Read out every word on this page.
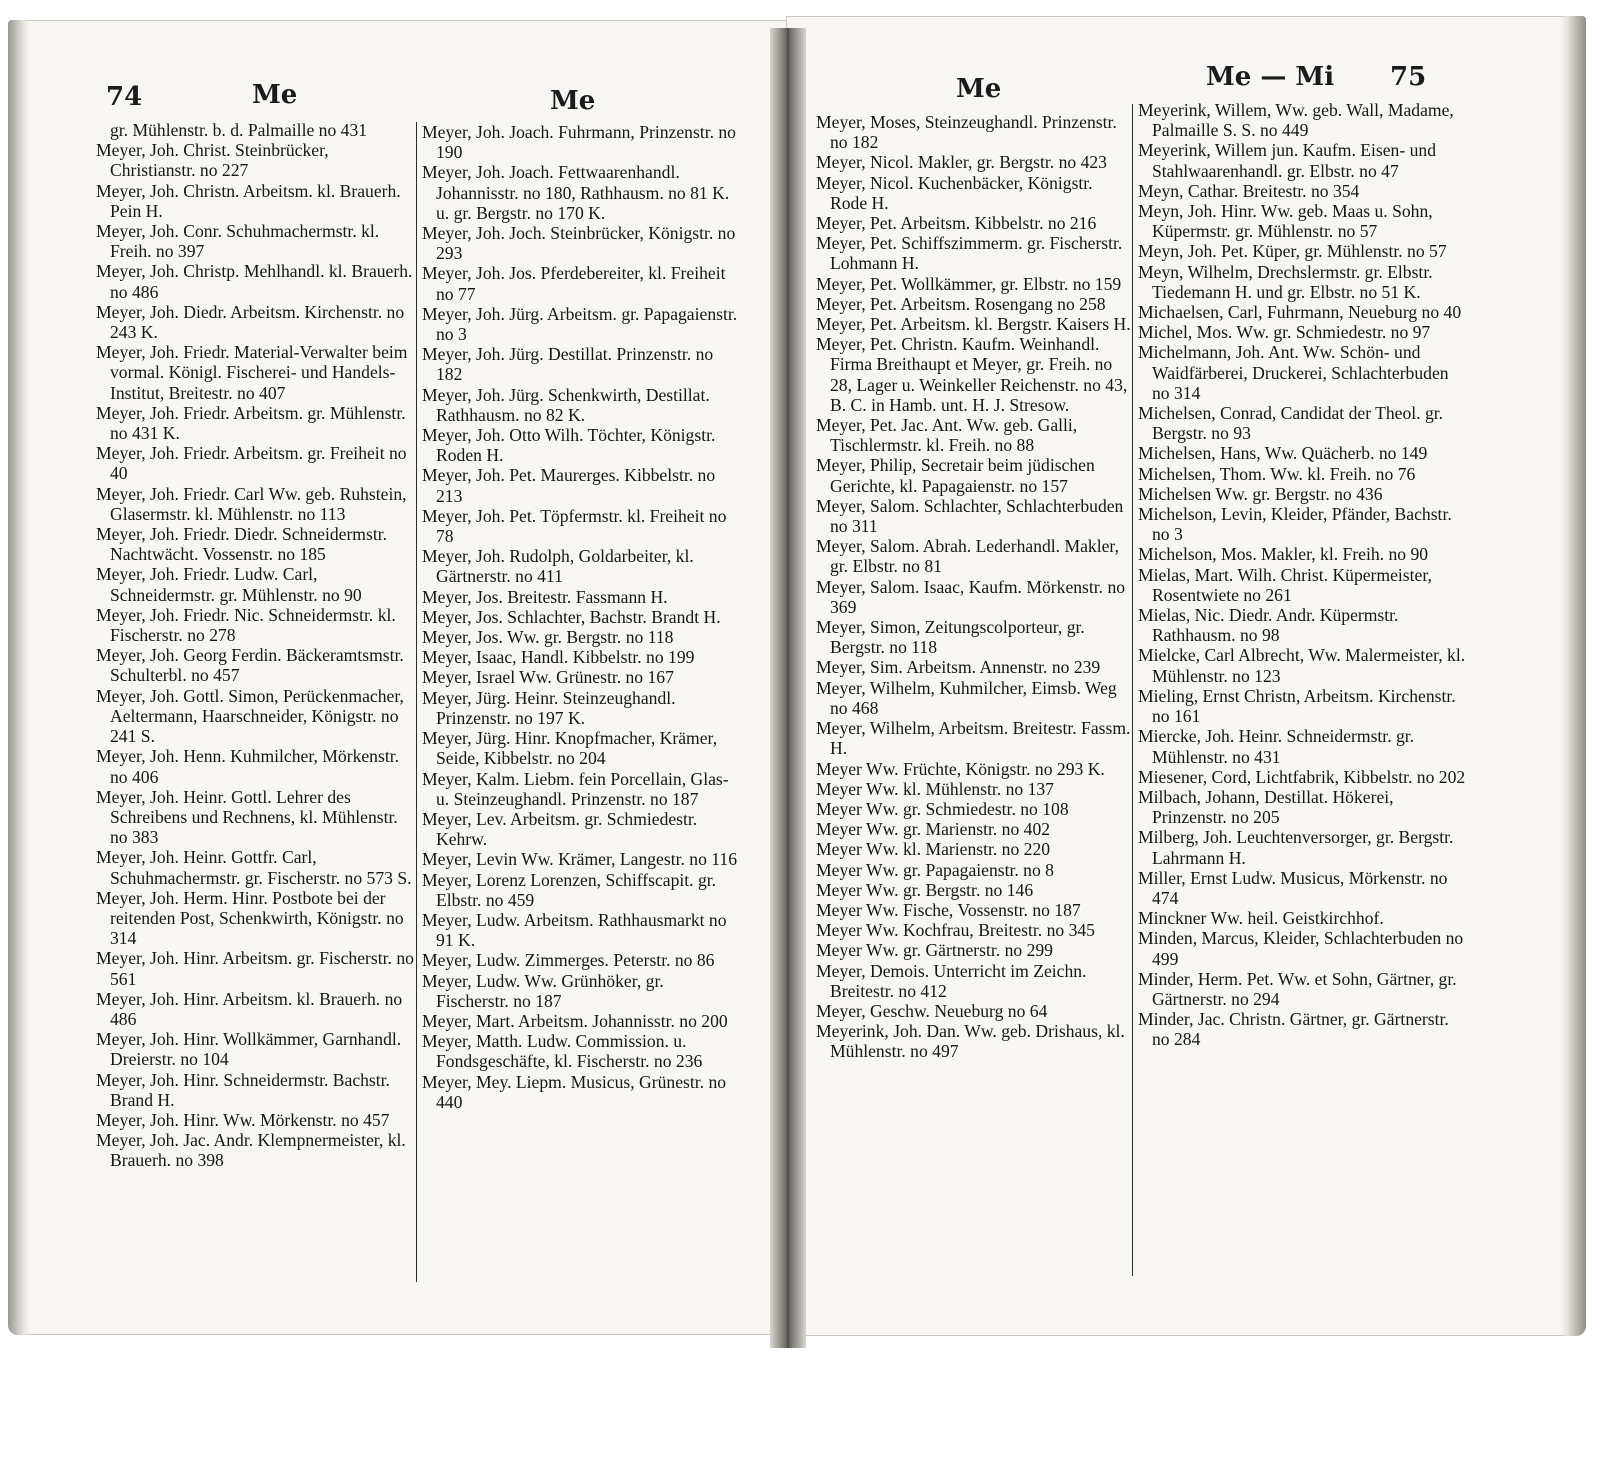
74	Me	Me

gr. Mühlenstr. b. d. Palmaille no 431

Meyer, Joh. Christ. Steinbrücker, Christianstr. no 227

Meyer, Joh. Christn. Arbeitsm. kl. Brauerh. Pein H.

Meyer, Joh. Conr. Schuhmachermstr. kl. Freih. no 397

Meyer, Joh. Christp. Mehlhandl. kl. Brauerh. no 486

Meyer, Joh. Diedr. Arbeitsm. Kirchenstr. no 243 K.

Meyer, Joh. Friedr. Material-Verwalter beim vormal. Königl. Fischerei- und Handels-Institut, Breitestr. no 407

Meyer, Joh. Friedr. Arbeitsm. gr. Mühlenstr. no 431 K.

Meyer, Joh. Friedr. Arbeitsm. gr. Freiheit no 40

Meyer, Joh. Friedr. Carl Ww. geb. Ruhstein, Glasermstr. kl. Mühlenstr. no 113

Meyer, Joh. Friedr. Diedr. Schneidermstr. Nachtwächt. Vossenstr. no 185

Meyer, Joh. Friedr. Ludw. Carl, Schneidermstr. gr. Mühlenstr. no 90

Meyer, Joh. Friedr. Nic. Schneidermstr. kl. Fischerstr. no 278

Meyer, Joh. Georg Ferdin. Bäckeramtsmstr. Schulterbl. no 457

Meyer, Joh. Gottl. Simon, Perückenmacher, Aeltermann, Haarschneider, Königstr. no 241 S.

Meyer, Joh. Henn. Kuhmilcher, Mörkenstr. no 406

Meyer, Joh. Heinr. Gottl. Lehrer des Schreibens und Rechnens, kl. Mühlenstr. no 383

Meyer, Joh. Heinr. Gottfr. Carl, Schuhmachermstr. gr. Fischerstr. no 573 S.

Meyer, Joh. Herm. Hinr. Postbote bei der reitenden Post, Schenkwirth, Königstr. no 314

Meyer, Joh. Hinr. Arbeitsm. gr. Fischerstr. no 561

Meyer, Joh. Hinr. Arbeitsm. kl. Brauerh. no 486

Meyer, Joh. Hinr. Wollkämmer, Garnhandl. Dreierstr. no 104

Meyer, Joh. Hinr. Schneidermstr. Bachstr. Brand H.

Meyer, Joh. Hinr. Ww. Mörkenstr. no 457

Meyer, Joh. Jac. Andr. Klempnermeister, kl. Brauerh. no 398

Meyer, Joh. Joach. Fuhrmann, Prinzenstr. no 190

Meyer, Joh. Joach. Fettwaarenhandl. Johannisstr. no 180, Rathhausm. no 81 K. u. gr. Bergstr. no 170 K.

Meyer, Joh. Joch. Steinbrücker, Königstr. no 293

Meyer, Joh. Jos. Pferdebereiter, kl. Freiheit no 77

Meyer, Joh. Jürg. Arbeitsm. gr. Papagaienstr. no 3

Meyer, Joh. Jürg. Destillat. Prinzenstr. no 182

Meyer, Joh. Jürg. Schenkwirth, Destillat. Rathhausm. no 82 K.

Meyer, Joh. Otto Wilh. Töchter, Königstr. Roden H.

Meyer, Joh. Pet. Maurerges. Kibbelstr. no 213

Meyer, Joh. Pet. Töpfermstr. kl. Freiheit no 78

Meyer, Joh. Rudolph, Goldarbeiter, kl. Gärtnerstr. no 411

Meyer, Jos. Breitestr. Fassmann H.

Meyer, Jos. Schlachter, Bachstr. Brandt H.

Meyer, Jos. Ww. gr. Bergstr. no 118

Meyer, Isaac, Handl. Kibbelstr. no 199

Meyer, Israel Ww. Grünestr. no 167

Meyer, Jürg. Heinr. Steinzeughandl. Prinzenstr. no 197 K.

Meyer, Jürg. Hinr. Knopfmacher, Krämer, Seide, Kibbelstr. no 204

Meyer, Kalm. Liebm. fein Porcellain, Glas- u. Steinzeughandl. Prinzenstr. no 187

Meyer, Lev. Arbeitsm. gr. Schmiedestr. Kehrw.

Meyer, Levin Ww. Krämer, Langestr. no 116

Meyer, Lorenz Lorenzen, Schiffscapit. gr. Elbstr. no 459

Meyer, Ludw. Arbeitsm. Rathhausmarkt no 91 K.

Meyer, Ludw. Zimmerges. Peterstr. no 86

Meyer, Ludw. Ww. Grünhöker, gr. Fischerstr. no 187

Meyer, Mart. Arbeitsm. Johannisstr. no 200

Meyer, Matth. Ludw. Commission. u. Fondsgeschäfte, kl. Fischerstr. no 236

Meyer, Mey. Liepm. Musicus, Grünestr. no 440

Me	Me — Mi 75

Meyer, Moses, Steinzeughandl. Prinzenstr. no 182

Meyer, Nicol. Makler, gr. Bergstr. no 423

Meyer, Nicol. Kuchenbäcker, Königstr. Rode H.

Meyer, Pet. Arbeitsm. Kibbelstr. no 216

Meyer, Pet. Schiffszimmerm. gr. Fischerstr. Lohmann H.

Meyer, Pet. Wollkämmer, gr. Elbstr. no 159

Meyer, Pet. Arbeitsm. Rosengang no 258

Meyer, Pet. Arbeitsm. kl. Bergstr. Kaisers H.

Meyer, Pet. Christn. Kaufm. Weinhandl. Firma Breithaupt et Meyer, gr. Freih. no 28, Lager u. Weinkeller Reichenstr. no 43, B. C. in Hamb. unt. H. J. Stresow.

Meyer, Pet. Jac. Ant. Ww. geb. Galli, Tischlermstr. kl. Freih. no 88

Meyer, Philip, Secretair beim jüdischen Gerichte, kl. Papagaienstr. no 157

Meyer, Salom. Schlachter, Schlachterbuden no 311

Meyer, Salom. Abrah. Lederhandl. Makler, gr. Elbstr. no 81

Meyer, Salom. Isaac, Kaufm. Mörkenstr. no 369

Meyer, Simon, Zeitungscolporteur, gr. Bergstr. no 118

Meyer, Sim. Arbeitsm. Annenstr. no 239

Meyer, Wilhelm, Kuhmilcher, Eimsb. Weg no 468

Meyer, Wilhelm, Arbeitsm. Breitestr. Fassm. H.

Meyer Ww. Früchte, Königstr. no 293 K.

Meyer Ww. kl. Mühlenstr. no 137

Meyer Ww. gr. Schmiedestr. no 108

Meyer Ww. gr. Marienstr. no 402

Meyer Ww. kl. Marienstr. no 220

Meyer Ww. gr. Papagaienstr. no 8

Meyer Ww. gr. Bergstr. no 146

Meyer Ww. Fische, Vossenstr. no 187

Meyer Ww. Kochfrau, Breitestr. no 345

Meyer Ww. gr. Gärtnerstr. no 299

Meyer, Demois. Unterricht im Zeichn. Breitestr. no 412

Meyer, Geschw. Neueburg no 64

Meyerink, Joh. Dan. Ww. geb. Drishaus, kl. Mühlenstr. no 497

Meyerink, Willem, Ww. geb. Wall, Madame, Palmaille S. S. no 449

Meyerink, Willem jun. Kaufm. Eisen- und Stahlwaarenhandl. gr. Elbstr. no 47

Meyn, Cathar. Breitestr. no 354

Meyn, Joh. Hinr. Ww. geb. Maas u. Sohn, Küpermstr. gr. Mühlenstr. no 57

Meyn, Joh. Pet. Küper, gr. Mühlenstr. no 57

Meyn, Wilhelm, Drechslermstr. gr. Elbstr. Tiedemann H. und gr. Elbstr. no 51 K.

Michaelsen, Carl, Fuhrmann, Neueburg no 40

Michel, Mos. Ww. gr. Schmiedestr. no 97

Michelmann, Joh. Ant. Ww. Schön- und Waidfärberei, Druckerei, Schlachterbuden no 314

Michelsen, Conrad, Candidat der Theol. gr. Bergstr. no 93

Michelsen, Hans, Ww. Quächerb. no 149

Michelsen, Thom. Ww. kl. Freih. no 76

Michelsen Ww. gr. Bergstr. no 436

Michelson, Levin, Kleider, Pfänder, Bachstr. no 3

Michelson, Mos. Makler, kl. Freih. no 90

Mielas, Mart. Wilh. Christ. Küpermeister, Rosentwiete no 261

Mielas, Nic. Diedr. Andr. Küpermstr. Rathhausm. no 98

Mielcke, Carl Albrecht, Ww. Malermeister, kl. Mühlenstr. no 123

Mieling, Ernst Christn, Arbeitsm. Kirchenstr. no 161

Miercke, Joh. Heinr. Schneidermstr. gr. Mühlenstr. no 431

Miesener, Cord, Lichtfabrik, Kibbelstr. no 202

Milbach, Johann, Destillat. Hökerei, Prinzenstr. no 205

Milberg, Joh. Leuchtenversorger, gr. Bergstr. Lahrmann H.

Miller, Ernst Ludw. Musicus, Mörkenstr. no 474

Minckner Ww. heil. Geistkirchhof.

Minden, Marcus, Kleider, Schlachterbuden no 499

Minder, Herm. Pet. Ww. et Sohn, Gärtner, gr. Gärtnerstr. no 294

Minder, Jac. Christn. Gärtner, gr. Gärtnerstr. no 284
